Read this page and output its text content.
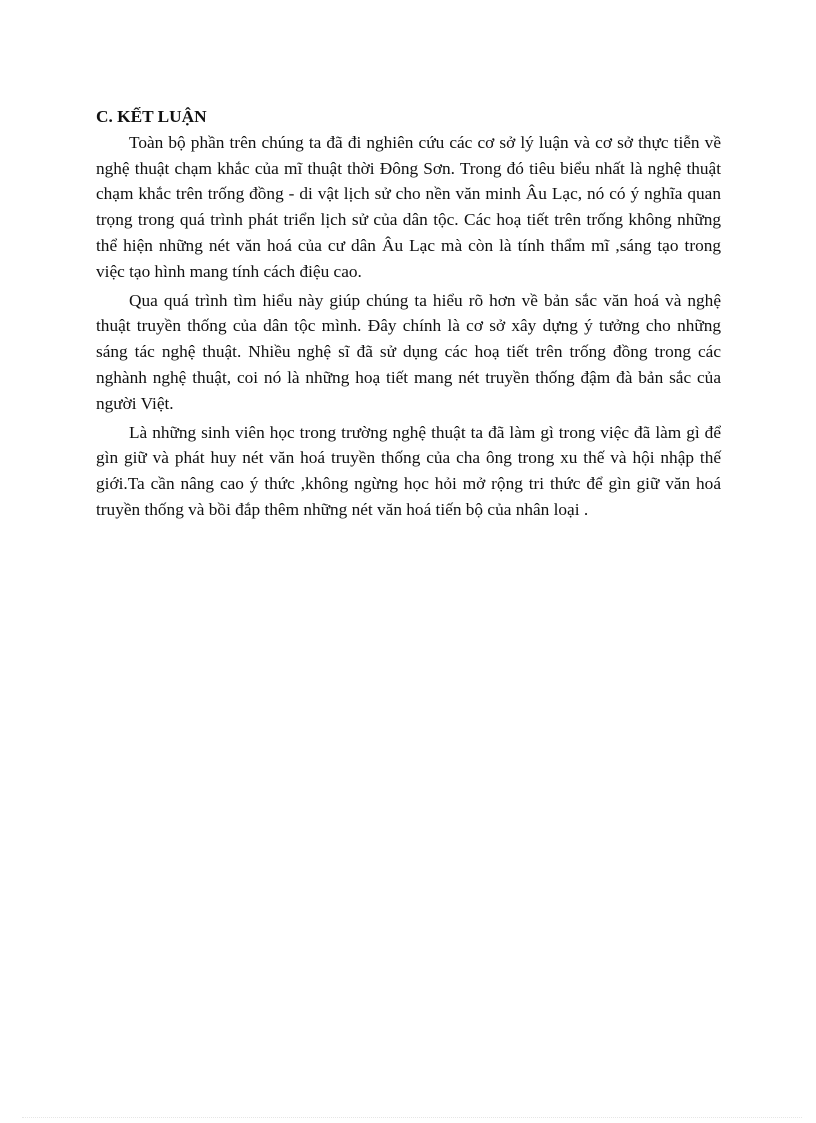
C. KẾT LUẬN

Toàn bộ phần trên chúng ta đã đi nghiên cứu các cơ sở lý luận và cơ sở thực tiễn về nghệ thuật chạm khắc của mĩ thuật thời Đông Sơn. Trong đó tiêu biểu nhất là nghệ thuật chạm khắc trên trống đồng - di vật lịch sử cho nền văn minh Âu Lạc, nó có ý nghĩa quan trọng trong quá trình phát triển lịch sử của dân tộc. Các hoạ tiết trên trống không những thể hiện những nét văn hoá của cư dân Âu Lạc mà còn là tính thẩm mĩ ,sáng tạo trong việc tạo hình mang tính cách điệu cao.

Qua quá trình tìm hiểu này giúp chúng ta hiểu rõ hơn về bản sắc văn hoá và nghệ thuật truyền thống của dân tộc mình. Đây chính là cơ sở xây dựng ý tưởng cho những sáng tác nghệ thuật. Nhiều nghệ sĩ đã sử dụng các hoạ tiết trên trống đồng trong các nghành nghệ thuật, coi nó là những hoạ tiết mang nét truyền thống đậm đà bản sắc của người Việt.

Là những sinh viên học trong trường nghệ thuật ta đã làm gì trong việc đã làm gì để gìn giữ và phát huy nét văn hoá truyền thống của cha ông trong xu thế và hội nhập thế giới.Ta cần nâng cao ý thức ,không ngừng học hỏi mở rộng tri thức để gìn giữ văn hoá truyền thống và bồi đắp thêm những nét văn hoá tiến bộ của nhân loại .
